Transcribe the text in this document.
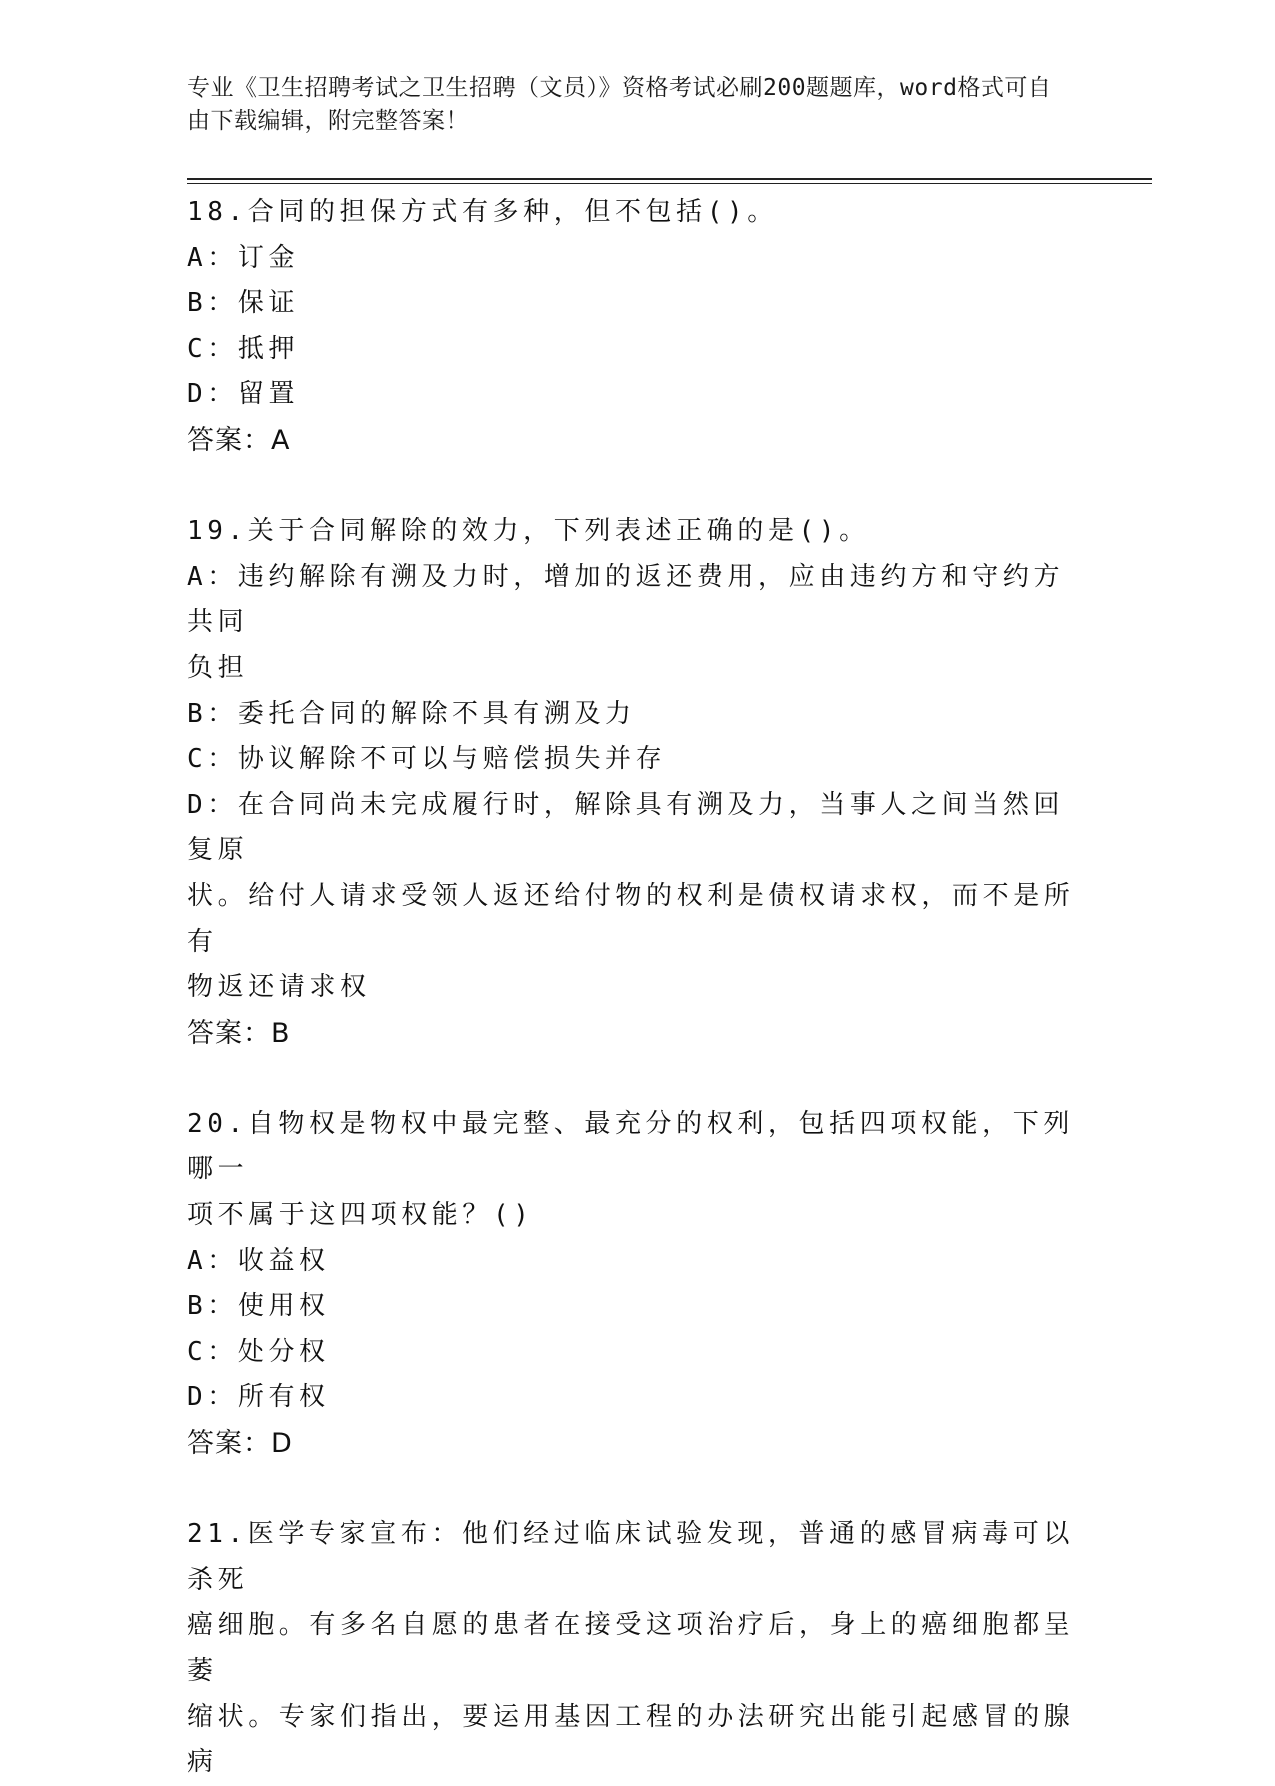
专业《卫生招聘考试之卫生招聘（文员）》资格考试必刷200题题库，word格式可自由下载编辑，附完整答案！

18.合同的担保方式有多种，但不包括()。

A：订金

B：保证

C：抵押

D：留置

答案：A

19.关于合同解除的效力，下列表述正确的是()。

A：违约解除有溯及力时，增加的返还费用，应由违约方和守约方共同

负担

B：委托合同的解除不具有溯及力

C：协议解除不可以与赔偿损失并存

D：在合同尚未完成履行时，解除具有溯及力，当事人之间当然回复原

状。给付人请求受领人返还给付物的权利是债权请求权，而不是所有

物返还请求权

答案：B

20.自物权是物权中最完整、最充分的权利，包括四项权能，下列哪一

项不属于这四项权能？()

A：收益权

B：使用权

C：处分权

D：所有权

答案：D

21.医学专家宣布：他们经过临床试验发现，普通的感冒病毒可以杀死

癌细胞。有多名自愿的患者在接受这项治疗后，身上的癌细胞都呈萎

缩状。专家们指出，要运用基因工程的办法研究出能引起感冒的腺病
